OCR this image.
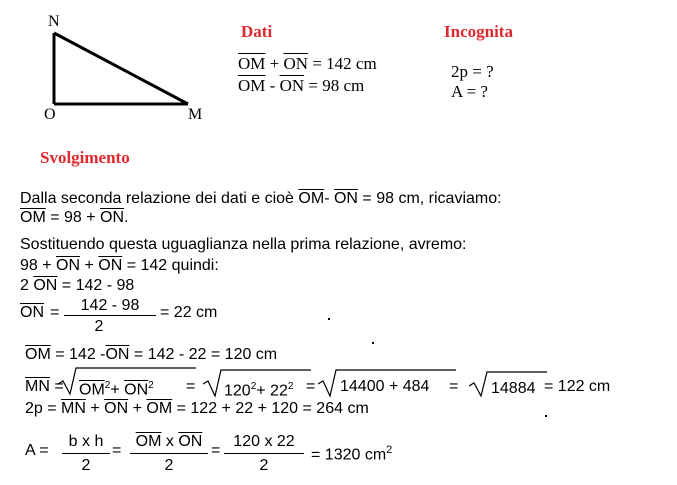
N
O	M
Dati
$\overline{OM} + \overline{ON} = 142$ cm
$\overline{OM} - \overline{ON} = 98$ cm
Incognita
2p = ?
A = ?
Svolgimento
Dalla seconda relazione dei dati e cioè $\overline{OM}-$ $\overline{ON} = 98$ cm, ricaviamo:
$\overline{OM} = 98 + \overline{ON}$.
Sostituendo questa uguaglianza nella prima relazione, avremo:
$98 + \overline{ON} + \overline{ON} = 142$ quindi:
2 $\overline{ON} = 142 - 98$
$\overline{ON}$ =	142 - 98
2
= 22 cm
$\overline{OM} = 142$ $-\overline{ON} = 142 - 22 = 120$ cm
$\overline{MN} = \overline{OM}^2+ \overline{ON}^2 = 120^2+ 22^2 = 14400 + 484 = 14884 = 122$ cm
$2p = \overline{MN} + \overline{ON} + \overline{OM} = 122 + 22 + 120 = 264$ cm
A =
b x h
2
=
$\overline{OM}$ x $\overline{ON}$
2
=
120 x 22
2
= 1320 $cm^2$
